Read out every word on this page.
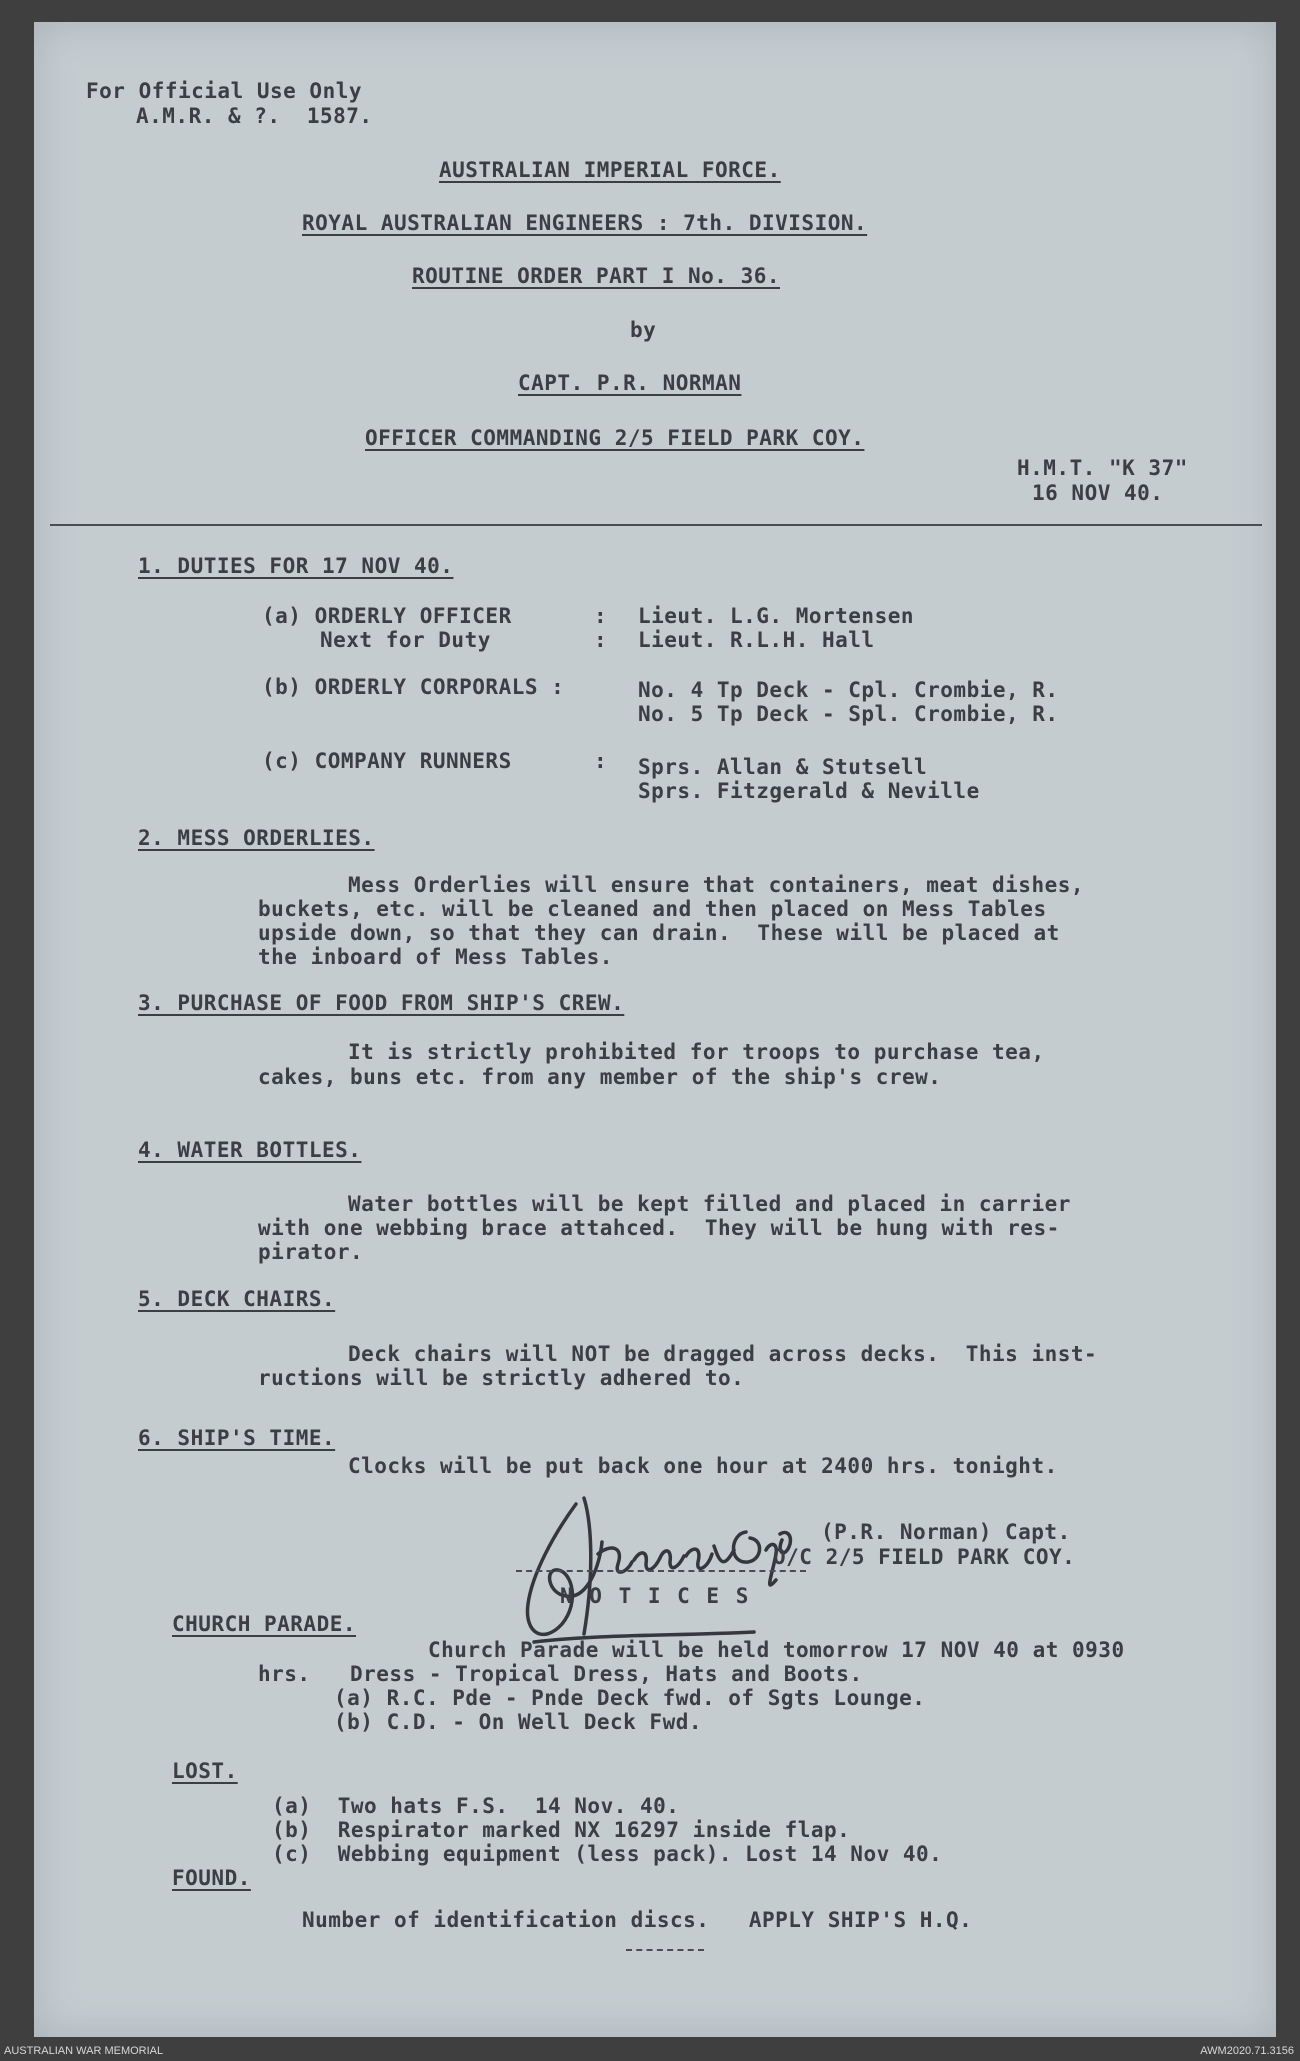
For Official Use Only
A.M.R. & ?.  1587.
AUSTRALIAN IMPERIAL FORCE.
ROYAL AUSTRALIAN ENGINEERS : 7th. DIVISION.
ROUTINE ORDER PART I No. 36.
by
CAPT. P.R. NORMAN
OFFICER COMMANDING 2/5 FIELD PARK COY.
H.M.T. "K 37"
16 NOV 40.
1. DUTIES FOR 17 NOV 40.
(a) ORDERLY OFFICER	: Lieut. L.G. Mortensen
Next for Duty	: Lieut. R.L.H. Hall
(b) ORDERLY CORPORALS :	No. 4 Tp Deck - Cpl. Crombie, R.
No. 5 Tp Deck - Spl. Crombie, R.
(c) COMPANY RUNNERS	: Sprs. Allan & Stutsell
Sprs. Fitzgerald & Neville
2. MESS ORDERLIES.
Mess Orderlies will ensure that containers, meat dishes,
buckets, etc. will be cleaned and then placed on Mess Tables
upside down, so that they can drain.  These will be placed at
the inboard of Mess Tables.
3. PURCHASE OF FOOD FROM SHIP'S CREW.
It is strictly prohibited for troops to purchase tea,
cakes, buns etc. from any member of the ship's crew.
4. WATER BOTTLES.
Water bottles will be kept filled and placed in carrier
with one webbing brace attahced.  They will be hung with res-
pirator.
5. DECK CHAIRS.
Deck chairs will NOT be dragged across decks.  This inst-
ructions will be strictly adhered to.
6. SHIP'S TIME.
Clocks will be put back one hour at 2400 hrs. tonight.
(P.R. Norman) Capt.
O/C 2/5 FIELD PARK COY.
N O T I C E S
CHURCH PARADE.
Church Parade will be held tomorrow 17 NOV 40 at 0930
hrs.   Dress - Tropical Dress, Hats and Boots.
(a) R.C. Pde - Pnde Deck fwd. of Sgts Lounge.
(b) C.D. - On Well Deck Fwd.
LOST.
(a)  Two hats F.S.  14 Nov. 40.
(b)  Respirator marked NX 16297 inside flap.
(c)  Webbing equipment (less pack). Lost 14 Nov 40.
FOUND.
Number of identification discs.   APPLY SHIP'S H.Q.
AUSTRALIAN WAR MEMORIAL	AWM2020.71.3156
